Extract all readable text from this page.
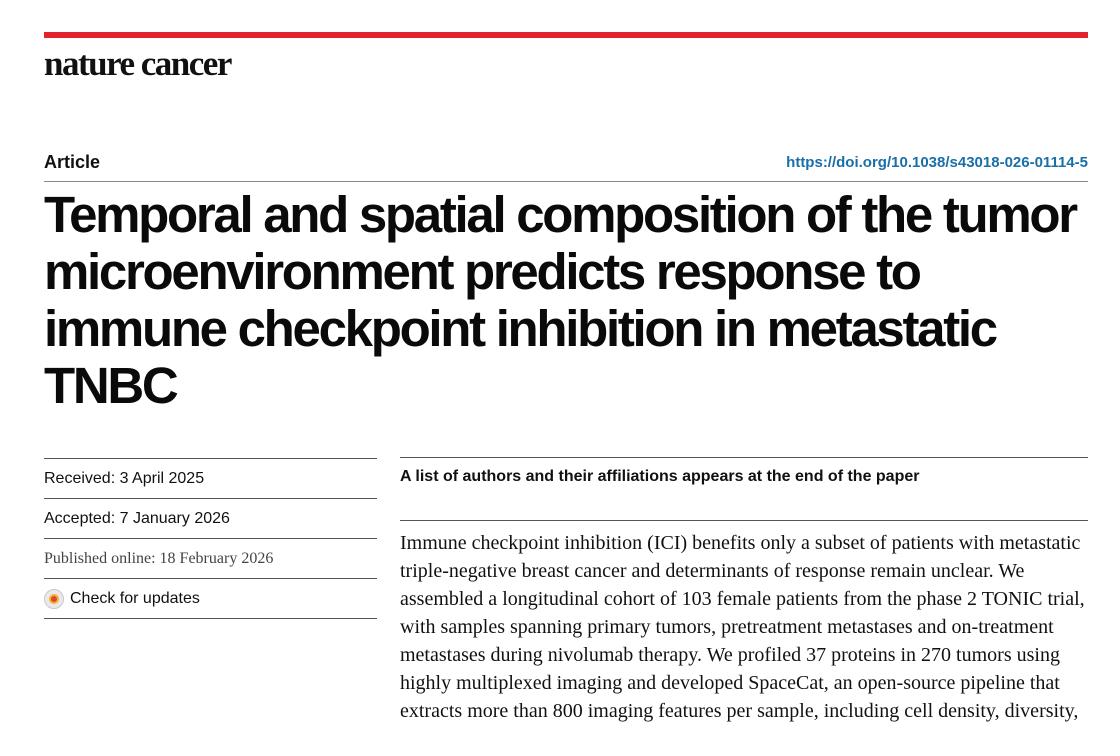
nature cancer
Article	https://doi.org/10.1038/s43018-026-01114-5
Temporal and spatial composition of the tumor microenvironment predicts response to immune checkpoint inhibition in metastatic TNBC
Received: 3 April 2025
Accepted: 7 January 2026
Published online: 18 February 2026
Check for updates
A list of authors and their affiliations appears at the end of the paper

Immune checkpoint inhibition (ICI) benefits only a subset of patients with metastatic triple-negative breast cancer and determinants of response remain unclear. We assembled a longitudinal cohort of 103 female patients from the phase 2 TONIC trial, with samples spanning primary tumors, pretreatment metastases and on-treatment metastases during nivolumab therapy. We profiled 37 proteins in 270 tumors using highly multiplexed imaging and developed SpaceCat, an open-source pipeline that extracts more than 800 imaging features per sample, including cell density, diversity,
